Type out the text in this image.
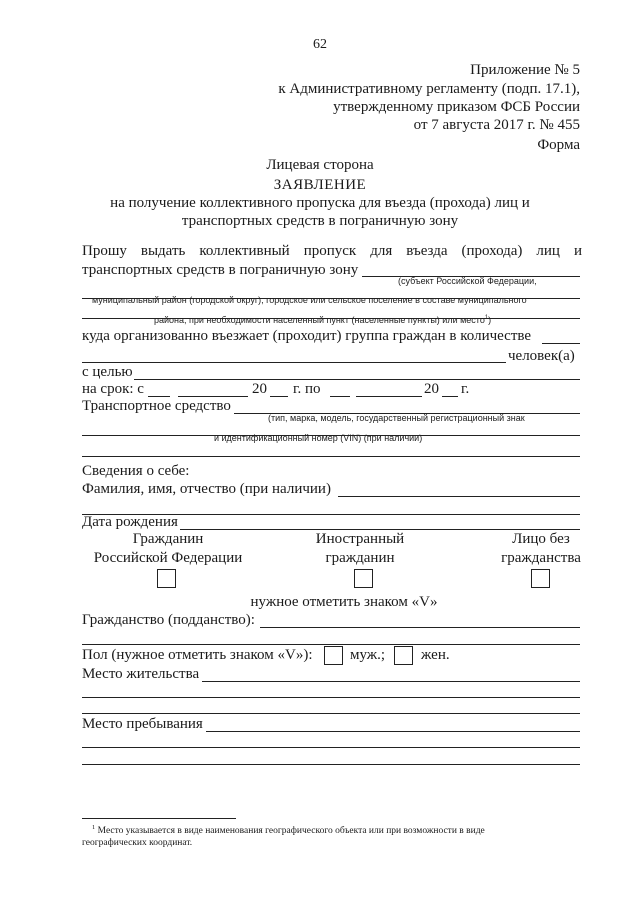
62
Приложение № 5
к Административному регламенту (подп. 17.1),
утвержденному приказом ФСБ России
от 7 августа 2017 г. № 455
Форма
Лицевая сторона
ЗАЯВЛЕНИЕ
на получение коллективного пропуска для въезда (прохода) лиц и
транспортных средств в пограничную зону
Прошу выдать коллективный пропуск для въезда (прохода) лиц и
транспортных средств в пограничную зону
(субъект Российской Федерации,
муниципальный район (городской округ), городское или сельское поселение в составе муниципального
района, при необходимости населенный пункт (населенные пункты) или место$^1$)
куда организованно въезжает (проходит) группа граждан в количестве
человек(а)
с целью
на срок: с	20 г. по	20 г.
Транспортное средство
(тип, марка, модель, государственный регистрационный знак
и идентификационный номер (VIN) (при наличии)
Сведения о себе:
Фамилия, имя, отчество (при наличии)
Дата рождения
Гражданин
Российской Федерации
Иностранный
гражданин
Лицо без
гражданства
нужное отметить знаком «V»
Гражданство (подданство):
Пол (нужное отметить знаком «V»): муж.; жен.
Место жительства
Место пребывания
$^1$ Место указывается в виде наименования географического объекта или при возможности в виде
географических координат.
